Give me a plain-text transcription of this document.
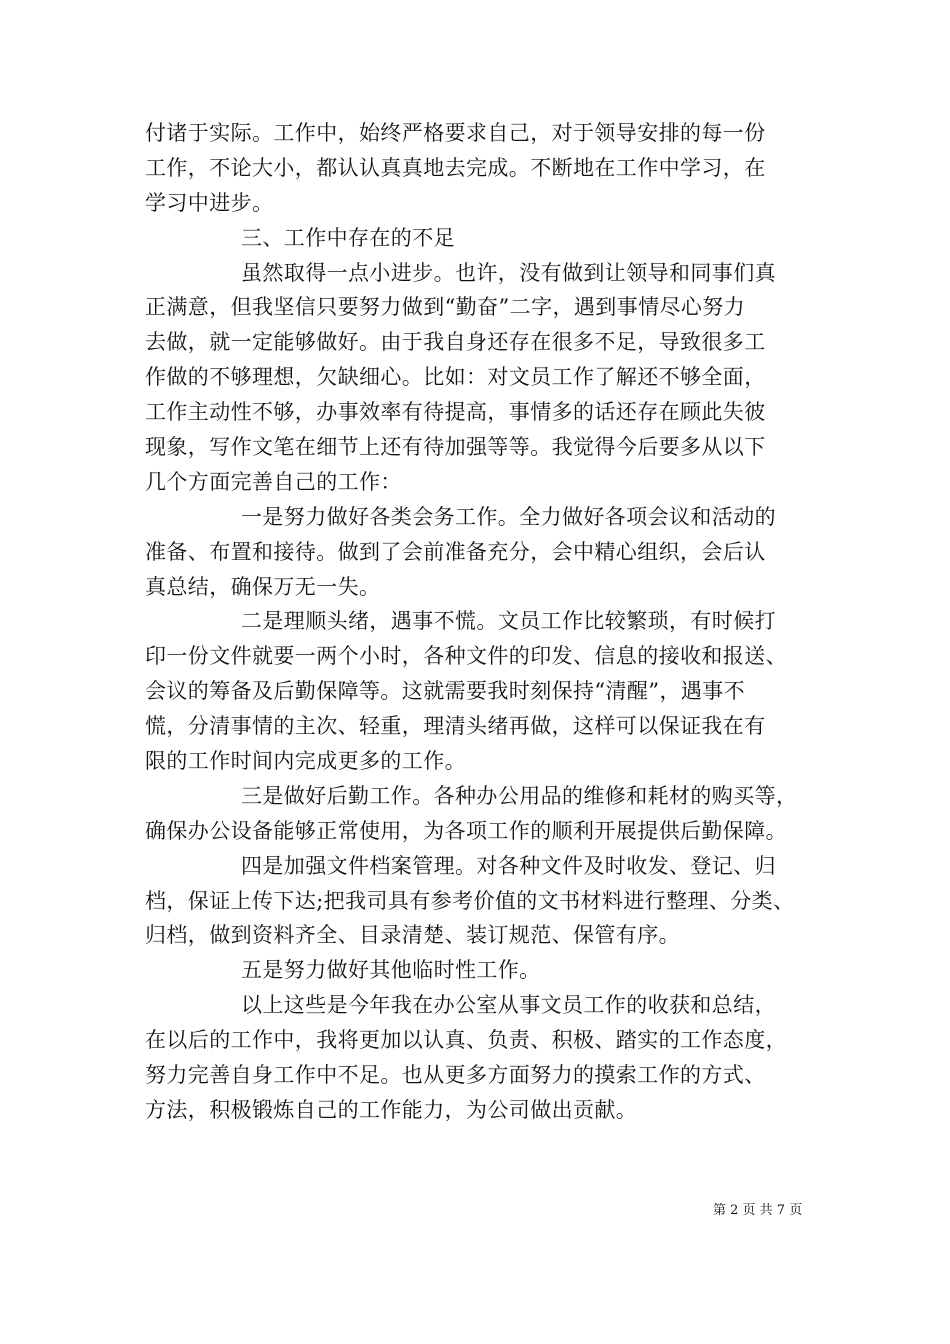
付诸于实际。工作中，始终严格要求自己，对于领导安排的每一份
工作，不论大小，都认认真真地去完成。不断地在工作中学习，在
学习中进步。
三、工作中存在的不足
虽然取得一点小进步。也许，没有做到让领导和同事们真
正满意，但我坚信只要努力做到“勤奋”二字，遇到事情尽心努力
去做，就一定能够做好。由于我自身还存在很多不足，导致很多工
作做的不够理想，欠缺细心。比如：对文员工作了解还不够全面，
工作主动性不够，办事效率有待提高，事情多的话还存在顾此失彼
现象，写作文笔在细节上还有待加强等等。我觉得今后要多从以下
几个方面完善自己的工作：
一是努力做好各类会务工作。全力做好各项会议和活动的
准备、布置和接待。做到了会前准备充分，会中精心组织，会后认
真总结，确保万无一失。
二是理顺头绪，遇事不慌。文员工作比较繁琐，有时候打
印一份文件就要一两个小时，各种文件的印发、信息的接收和报送、
会议的筹备及后勤保障等。这就需要我时刻保持“清醒”，遇事不
慌，分清事情的主次、轻重，理清头绪再做，这样可以保证我在有
限的工作时间内完成更多的工作。
三是做好后勤工作。各种办公用品的维修和耗材的购买等，
确保办公设备能够正常使用，为各项工作的顺利开展提供后勤保障。
四是加强文件档案管理。对各种文件及时收发、登记、归
档，保证上传下达;把我司具有参考价值的文书材料进行整理、分类、
归档，做到资料齐全、目录清楚、装订规范、保管有序。
五是努力做好其他临时性工作。
以上这些是今年我在办公室从事文员工作的收获和总结，
在以后的工作中，我将更加以认真、负责、积极、踏实的工作态度，
努力完善自身工作中不足。也从更多方面努力的摸索工作的方式、
方法，积极锻炼自己的工作能力，为公司做出贡献。
第 2 页 共 7 页
